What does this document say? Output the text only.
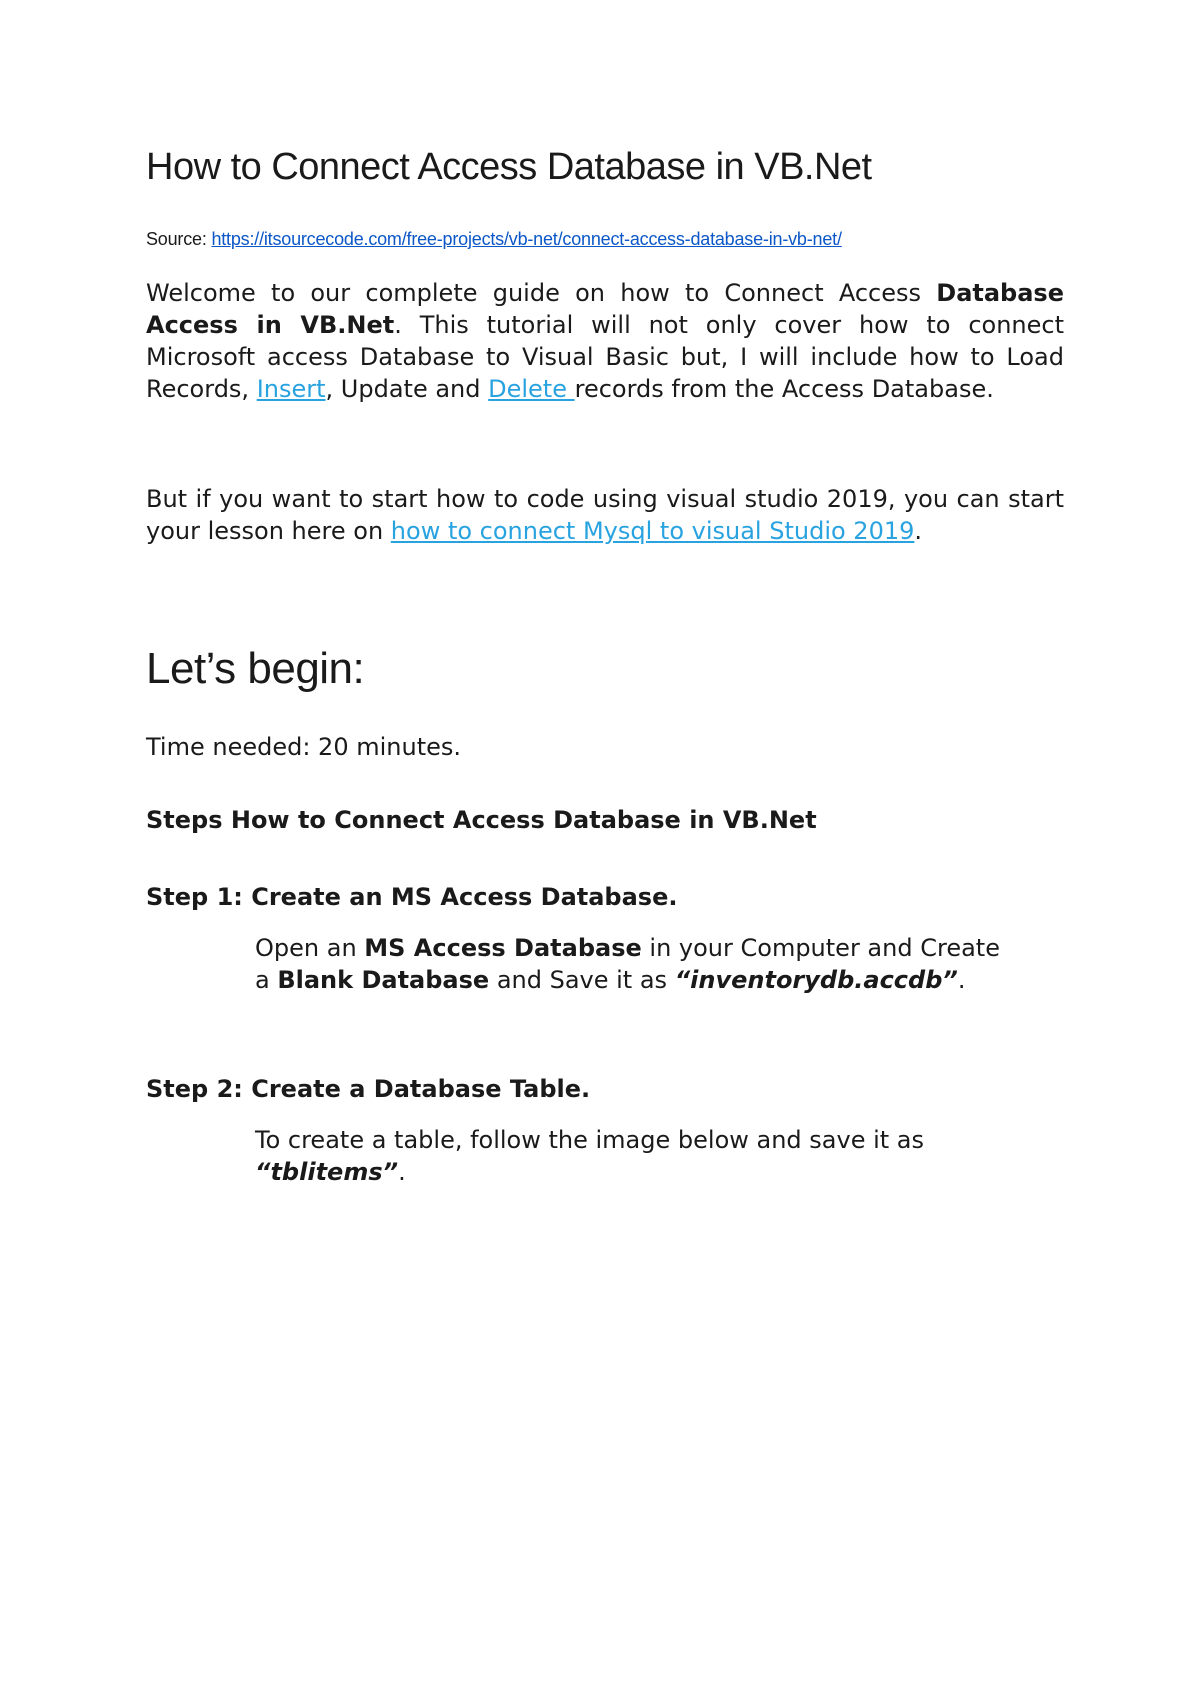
How to Connect Access Database in VB.Net
Source: https://itsourcecode.com/free-projects/vb-net/connect-access-database-in-vb-net/

Welcome to our complete guide on how to Connect Access Database Access in VB.Net. This tutorial will not only cover how to connect Microsoft access Database to Visual Basic but, I will include how to Load Records, Insert, Update and Delete records from the Access Database.

But if you want to start how to code using visual studio 2019, you can start your lesson here on how to connect Mysql to visual Studio 2019.

Let’s begin:

Time needed: 20 minutes.

Steps How to Connect Access Database in VB.Net

Step 1: Create an MS Access Database.

Open an MS Access Database in your Computer and Create a Blank Database and Save it as “inventorydb.accdb”.

Step 2: Create a Database Table.

To create a table, follow the image below and save it as “tblitems”.
